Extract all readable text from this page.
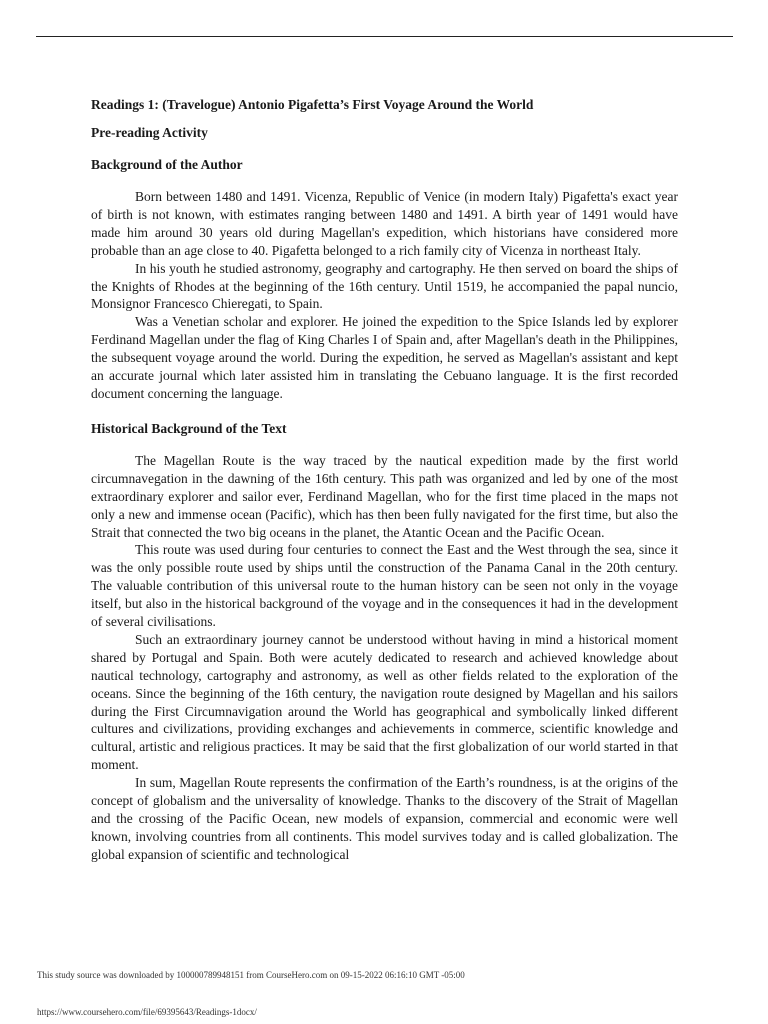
Readings 1: (Travelogue) Antonio Pigafetta’s First Voyage Around the World
Pre-reading Activity
Background of the Author

Born between 1480 and 1491. Vicenza, Republic of Venice (in modern Italy) Pigafetta's exact year of birth is not known, with estimates ranging between 1480 and 1491. A birth year of 1491 would have made him around 30 years old during Magellan's expedition, which historians have considered more probable than an age close to 40. Pigafetta belonged to a rich family city of Vicenza in northeast Italy.

In his youth he studied astronomy, geography and cartography. He then served on board the ships of the Knights of Rhodes at the beginning of the 16th century. Until 1519, he accompanied the papal nuncio, Monsignor Francesco Chieregati, to Spain.

Was a Venetian scholar and explorer. He joined the expedition to the Spice Islands led by explorer Ferdinand Magellan under the flag of King Charles I of Spain and, after Magellan's death in the Philippines, the subsequent voyage around the world. During the expedition, he served as Magellan's assistant and kept an accurate journal which later assisted him in translating the Cebuano language. It is the first recorded document concerning the language.

Historical Background of the Text

The Magellan Route is the way traced by the nautical expedition made by the first world circumnavegation in the dawning of the 16th century. This path was organized and led by one of the most extraordinary explorer and sailor ever, Ferdinand Magellan, who for the first time placed in the maps not only a new and immense ocean (Pacific), which has then been fully navigated for the first time, but also the Strait that connected the two big oceans in the planet, the Atantic Ocean and the Pacific Ocean.

This route was used during four centuries to connect the East and the West through the sea, since it was the only possible route used by ships until the construction of the Panama Canal in the 20th century. The valuable contribution of this universal route to the human history can be seen not only in the voyage itself, but also in the historical background of the voyage and in the consequences it had in the development of several civilisations.

Such an extraordinary journey cannot be understood without having in mind a historical moment shared by Portugal and Spain. Both were acutely dedicated to research and achieved knowledge about nautical technology, cartography and astronomy, as well as other fields related to the exploration of the oceans. Since the beginning of the 16th century, the navigation route designed by Magellan and his sailors during the First Circumnavigation around the World has geographical and symbolically linked different cultures and civilizations, providing exchanges and achievements in commerce, scientific knowledge and cultural, artistic and religious practices. It may be said that the first globalization of our world started in that moment.

In sum, Magellan Route represents the confirmation of the Earth’s roundness, is at the origins of the concept of globalism and the universality of knowledge. Thanks to the discovery of the Strait of Magellan and the crossing of the Pacific Ocean, new models of expansion, commercial and economic were well known, involving countries from all continents. This model survives today and is called globalization. The global expansion of scientific and technological

This study source was downloaded by 100000789948151 from CourseHero.com on 09-15-2022 06:16:10 GMT -05:00
https://www.coursehero.com/file/69395643/Readings-1docx/
